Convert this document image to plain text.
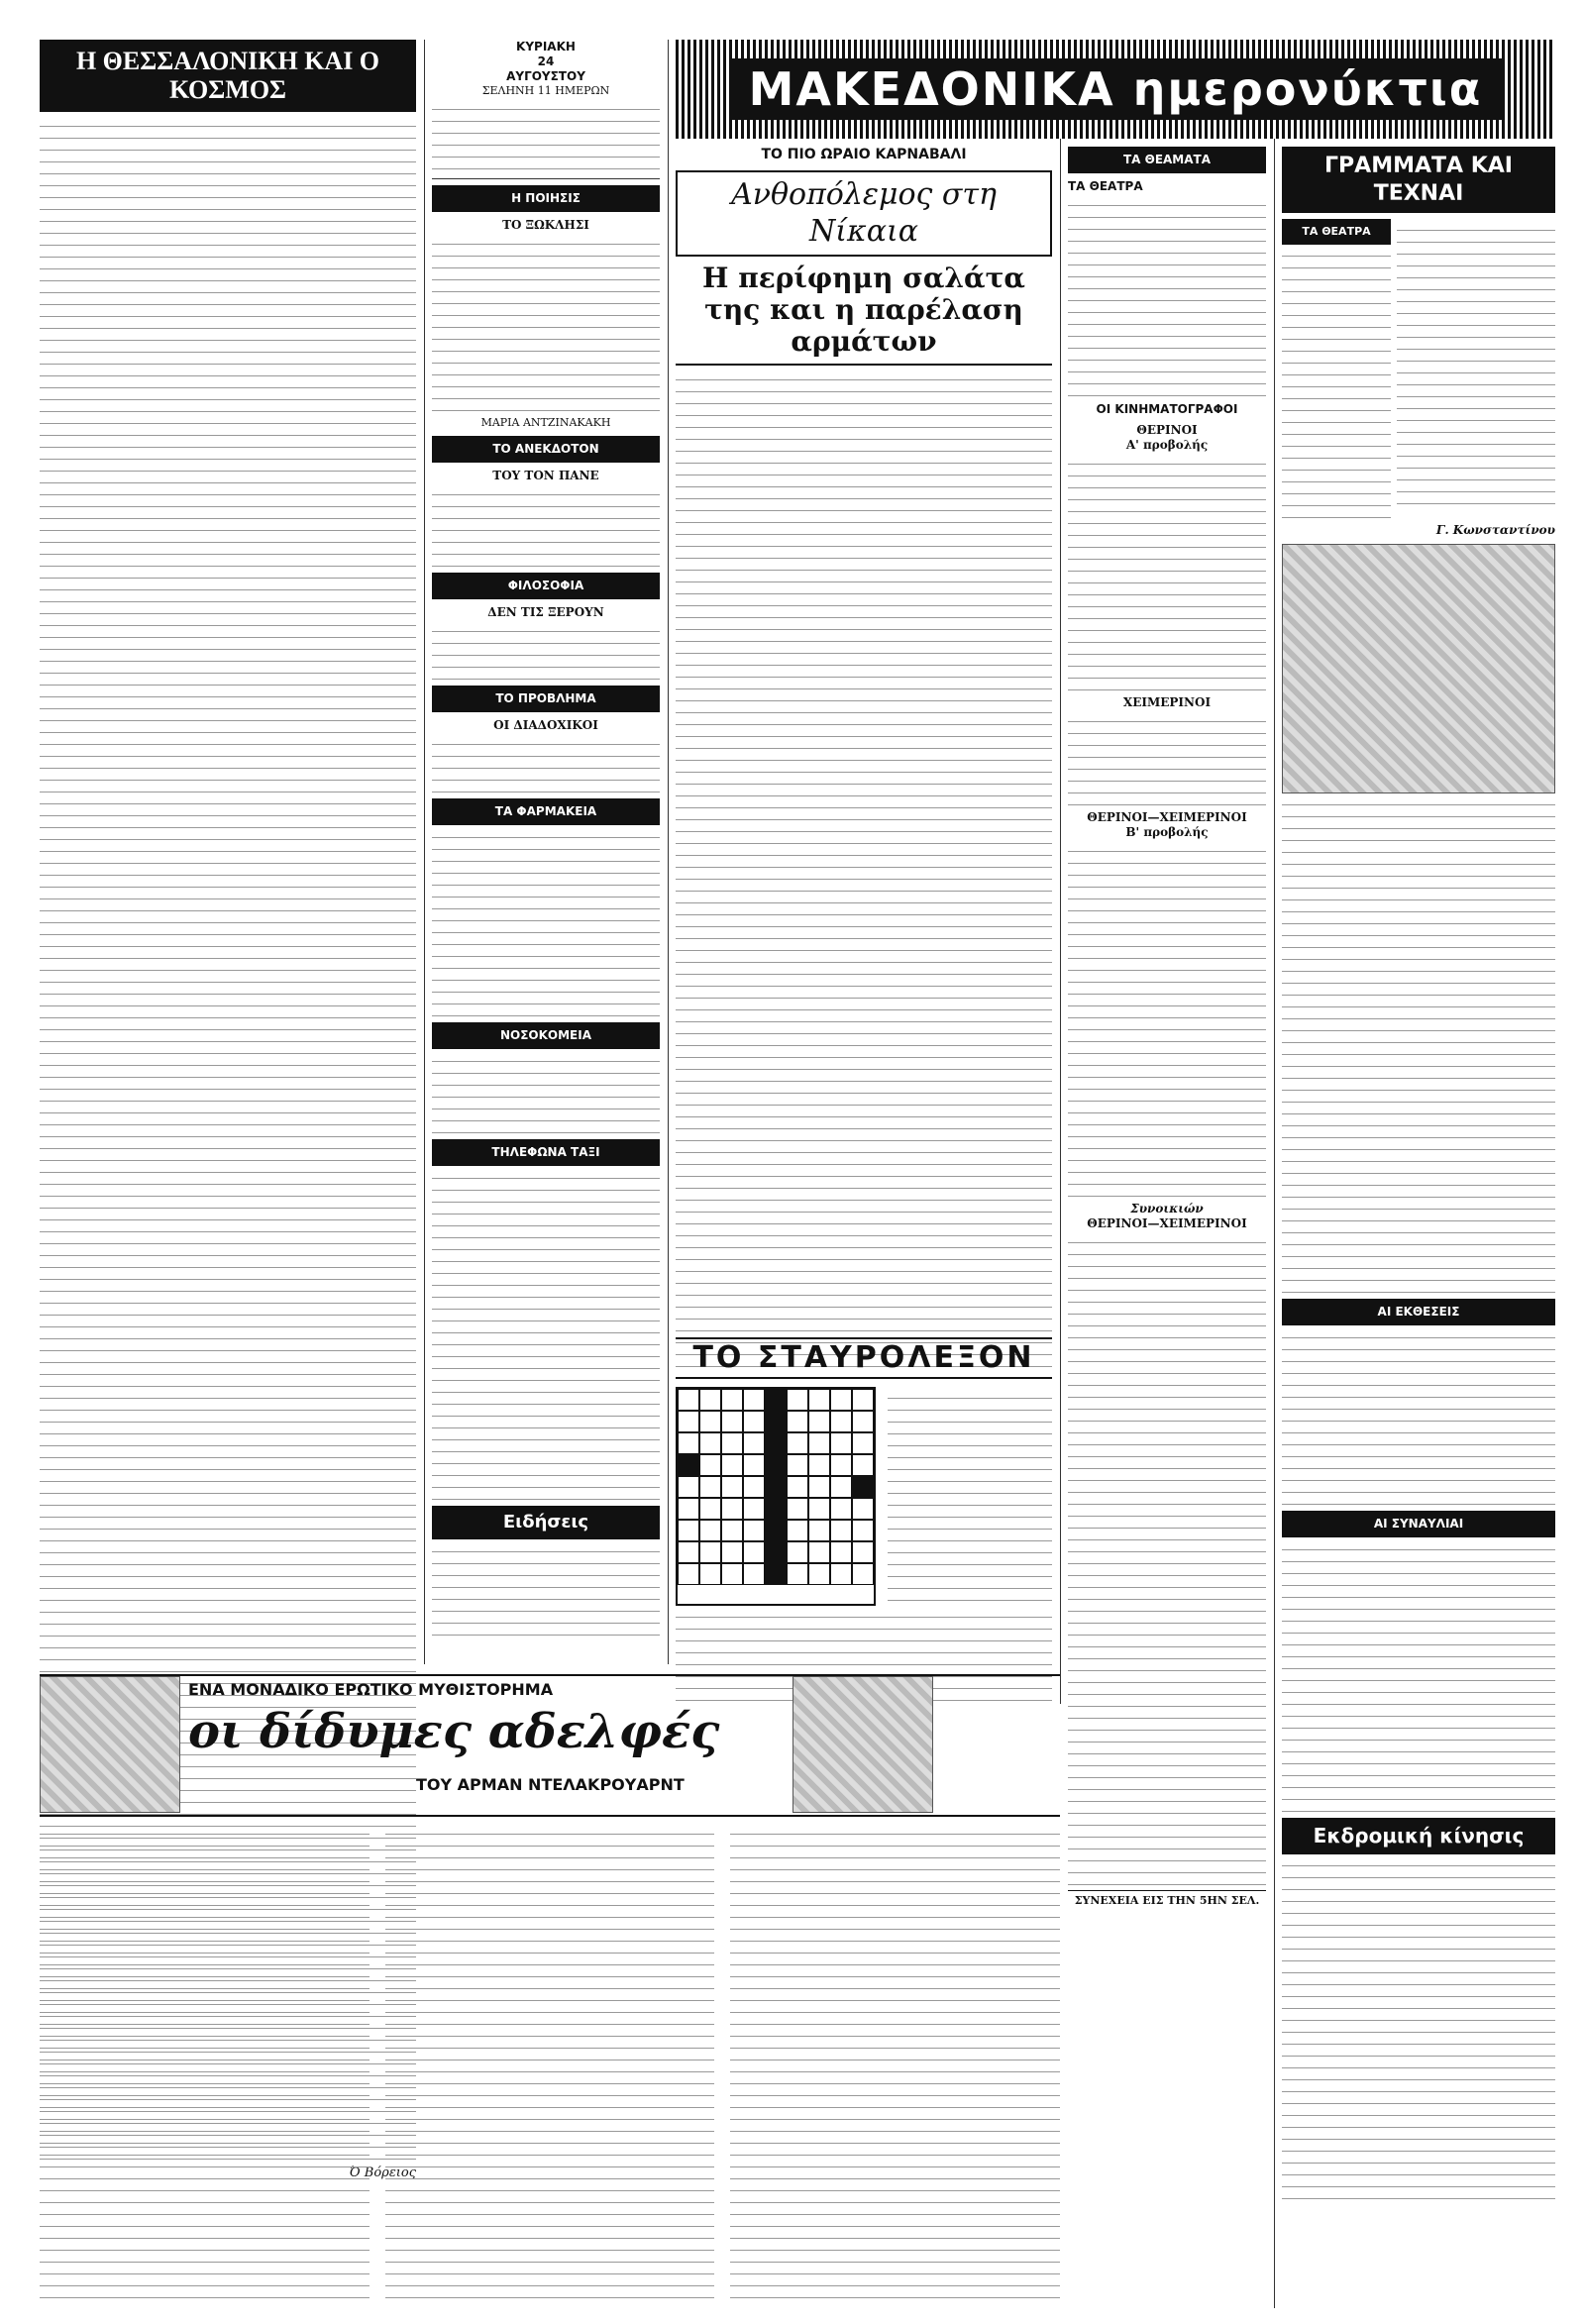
Η ΘΕΣΣΑΛΟΝΙΚΗ ΚΑΙ Ο ΚΟΣΜΟΣ
Ό Βόρειος
ΚΥΡΙΑΚΗ
24
ΑΥΓΟΥΣΤΟΥ
ΣΕΛΗΝΗ 11 ΗΜΕΡΩΝ
Η ΠΟΙΗΣΙΣ
ΤΟ ΞΩΚΛΗΣΙ
ΜΑΡΙΑ ΑΝΤΖΙΝΑΚΑΚΗ
ΤΟ ΑΝΕΚΔΟΤΟΝ
ΤΟΥ ΤΟΝ ΠΑΝΕ
ΦΙΛΟΣΟΦΙΑ
ΔΕΝ ΤΙΣ ΞΕΡΟΥΝ
ΤΟ ΠΡΟΒΛΗΜΑ
ΟΙ ΔΙΑΔΟΧΙΚΟΙ
ΤΑ ΦΑΡΜΑΚΕΙΑ
ΝΟΣΟΚΟΜΕΙΑ
ΤΗΛΕΦΩΝΑ ΤΑΞΙ
Ειδήσεις
ΜΑΚΕΔΟΝΙΚΑ ημερονύκτια
ΤΟ ΠΙΟ ΩΡΑΙΟ ΚΑΡΝΑΒΑΛΙ
Ανθοπόλεμος στη Νίκαια
Η περίφημη σαλάτα της και η παρέλαση αρμάτων
ΤΟ ΣΤΑΥΡΟΛΕΞΟΝ
ΤΑ ΘΕΑΜΑΤΑ
ΤΑ ΘΕΑΤΡΑ
ΟΙ ΚΙΝΗΜΑΤΟΓΡΑΦΟΙ
ΘΕΡΙΝΟΙ
Α' προβολής
ΧΕΙΜΕΡΙΝΟΙ
ΘΕΡΙΝΟΙ—ΧΕΙΜΕΡΙΝΟΙ
Β' προβολής
Συνοικιών
ΘΕΡΙΝΟΙ—ΧΕΙΜΕΡΙΝΟΙ
ΣΥΝΕΧΕΙΑ ΕΙΣ ΤΗΝ 5ΗΝ ΣΕΛ.
ΓΡΑΜΜΑΤΑ ΚΑΙ ΤΕΧΝΑΙ
ΤΑ ΘΕΑΤΡΑ
Γ. Κωνσταντίνου
ΑΙ ΕΚΘΕΣΕΙΣ
ΑΙ ΣΥΝΑΥΛΙΑΙ
Εκδρομική κίνησις
ΕΝΑ ΜΟΝΑΔΙΚΟ ΕΡΩΤΙΚΟ ΜΥΘΙΣΤΟΡΗΜΑ
οι δίδυμες αδελφές
ΤΟΥ ΑΡΜΑΝ ΝΤΕΛΑΚΡΟΥΑΡΝΤ
